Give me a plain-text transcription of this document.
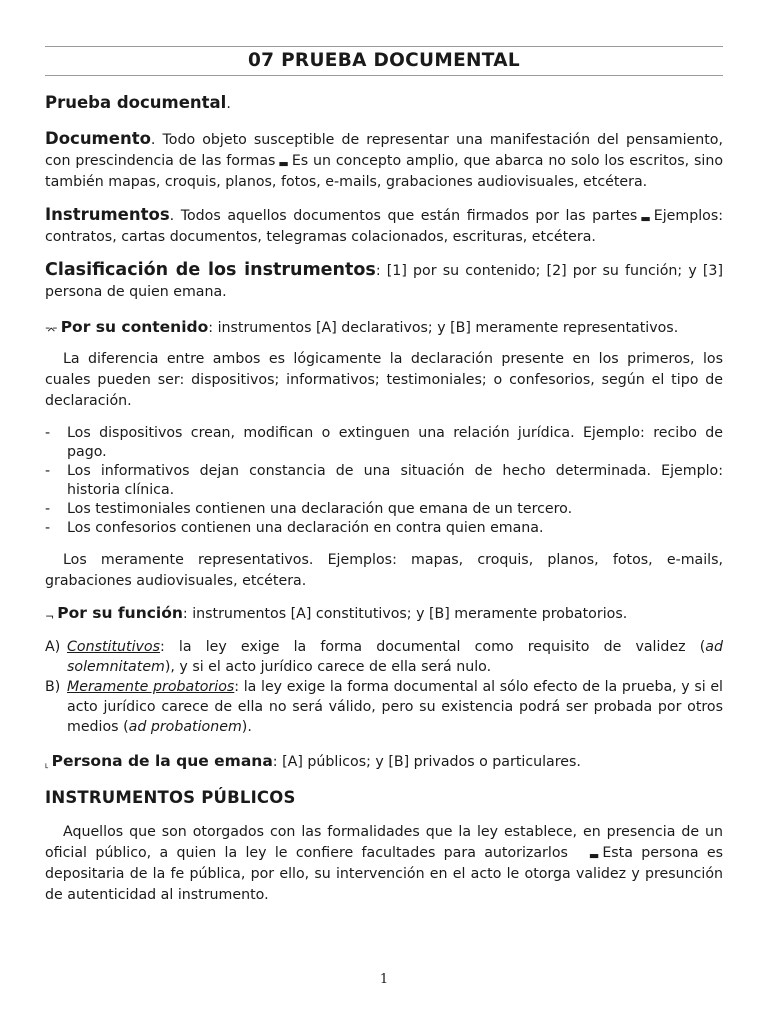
07 PRUEBA DOCUMENTAL

Prueba documental.

Documento. Todo objeto susceptible de representar una manifestación del pensamiento, con prescindencia de las formas ▬ Es un concepto amplio, que abarca no solo los escritos, sino también mapas, croquis, planos, fotos, e-mails, grabaciones audiovisuales, etcétera.

Instrumentos. Todos aquellos documentos que están firmados por las partes ▬ Ejemplos: contratos, cartas documentos, telegramas colacionados, escrituras, etcétera.

Clasificación de los instrumentos: [1] por su contenido; [2] por su función; y [3] persona de quien emana.

⌤ Por su contenido: instrumentos [A] declarativos; y [B] meramente representativos.

La diferencia entre ambos es lógicamente la declaración presente en los primeros, los cuales pueden ser: dispositivos; informativos; testimoniales; o confesorios, según el tipo de declaración.

- Los dispositivos crean, modifican o extinguen una relación jurídica. Ejemplo: recibo de pago.
- Los informativos dejan constancia de una situación de hecho determinada. Ejemplo: historia clínica.
- Los testimoniales contienen una declaración que emana de un tercero.
- Los confesorios contienen una declaración en contra quien emana.

Los meramente representativos. Ejemplos: mapas, croquis, planos, fotos, e-mails, grabaciones audiovisuales, etcétera.

¬ Por su función: instrumentos [A] constitutivos; y [B] meramente probatorios.

A) Constitutivos: la ley exige la forma documental como requisito de validez (ad solemnitatem), y si el acto jurídico carece de ella será nulo.
B) Meramente probatorios: la ley exige la forma documental al sólo efecto de la prueba, y si el acto jurídico carece de ella no será válido, pero su existencia podrá ser probada por otros medios (ad probationem).

˪ Persona de la que emana: [A] públicos; y [B] privados o particulares.

INSTRUMENTOS PÚBLICOS

Aquellos que son otorgados con las formalidades que la ley establece, en presencia de un oficial público, a quien la ley le confiere facultades para autorizarlos ▬ Esta persona es depositaria de la fe pública, por ello, su intervención en el acto le otorga validez y presunción de autenticidad al instrumento.

1
